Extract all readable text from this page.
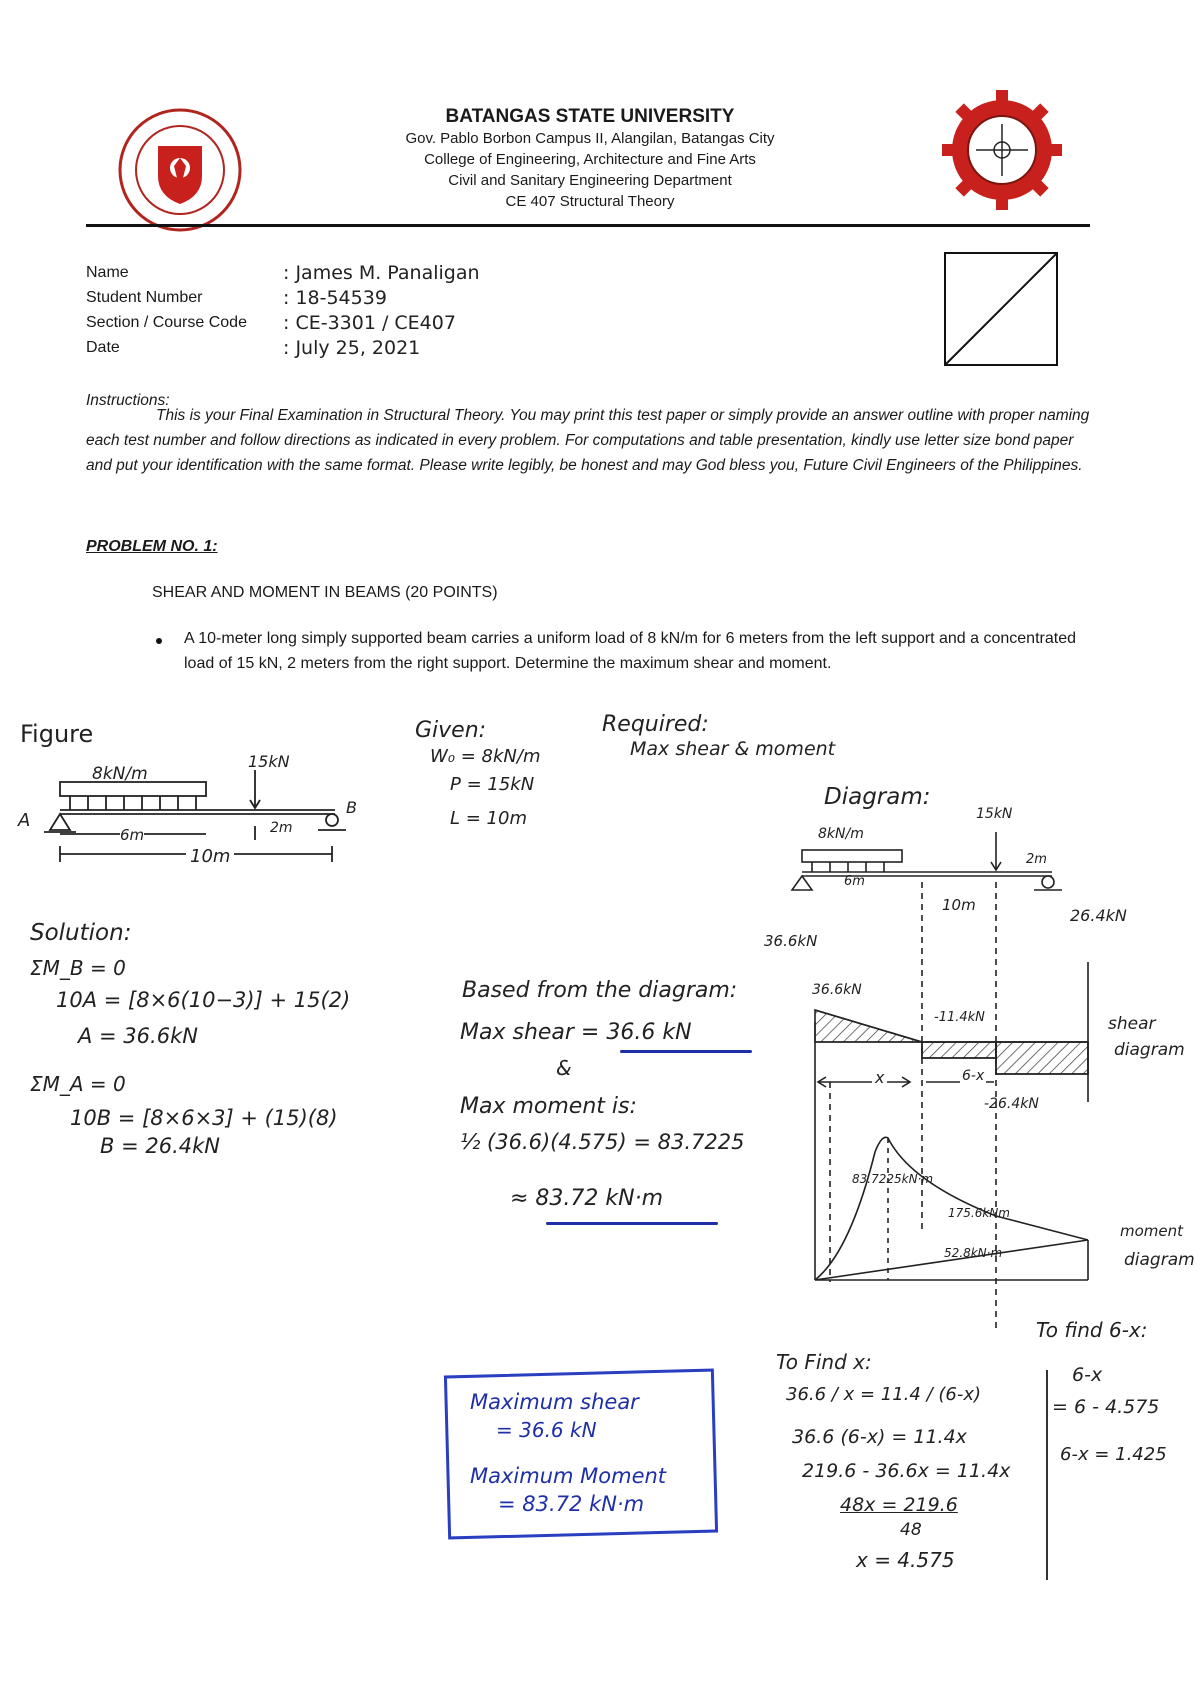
BATANGAS STATE UNIVERSITY
Gov. Pablo Borbon Campus II, Alangilan, Batangas City
College of Engineering, Architecture and Fine Arts
Civil and Sanitary Engineering Department
CE 407 Structural Theory
Name
Student Number
Section / Course Code
Date
: James M. Panaligan
: 18-54539
: CE-3301 / CE407
: July 25, 2021
Instructions:
This is your Final Examination in Structural Theory. You may print this test paper or simply provide an answer outline with proper naming each test number and follow directions as indicated in every problem. For computations and table presentation, kindly use letter size bond paper and put your identification with the same format. Please write legibly, be honest and may God bless you, Future Civil Engineers of the Philippines.
PROBLEM NO. 1:
SHEAR AND MOMENT IN BEAMS (20 POINTS)
A 10-meter long simply supported beam carries a uniform load of 8 kN/m for 6 meters from the left support and a concentrated load of 15 kN, 2 meters from the right support. Determine the maximum shear and moment.
Figure
8kN/m
15kN
A
B
6m	2m
10m
Given:
W₀ = 8kN/m
P = 15kN
L = 10m
Required:
Max shear & moment
Solution:
ΣM_B = 0
10A = [8×6(10−3)] + 15(2)
A = 36.6kN
ΣM_A = 0
10B = [8×6×3] + (15)(8)
B = 26.4kN
Based from the diagram:
Max shear = 36.6 kN
&
Max moment is:
½ (36.6)(4.575) = 83.7225
≈ 83.72 kN·m
Diagram:
8kN/m
15kN
6m
2m
10m
36.6kN
26.4kN
36.6kN
-11.4kN
-26.4kN
x	6-x
shear
diagram
83.7225kN·m
175.6kNm
52.8kN·m
moment
diagram
Maximum shear
= 36.6 kN
Maximum Moment
= 83.72 kN·m
To Find x:
36.6 / x = 11.4 / (6-x)
36.6 (6-x) = 11.4x
219.6 - 36.6x = 11.4x
48x = 219.6
48
x = 4.575
To find 6-x:
6-x
= 6 - 4.575
6-x = 1.425
